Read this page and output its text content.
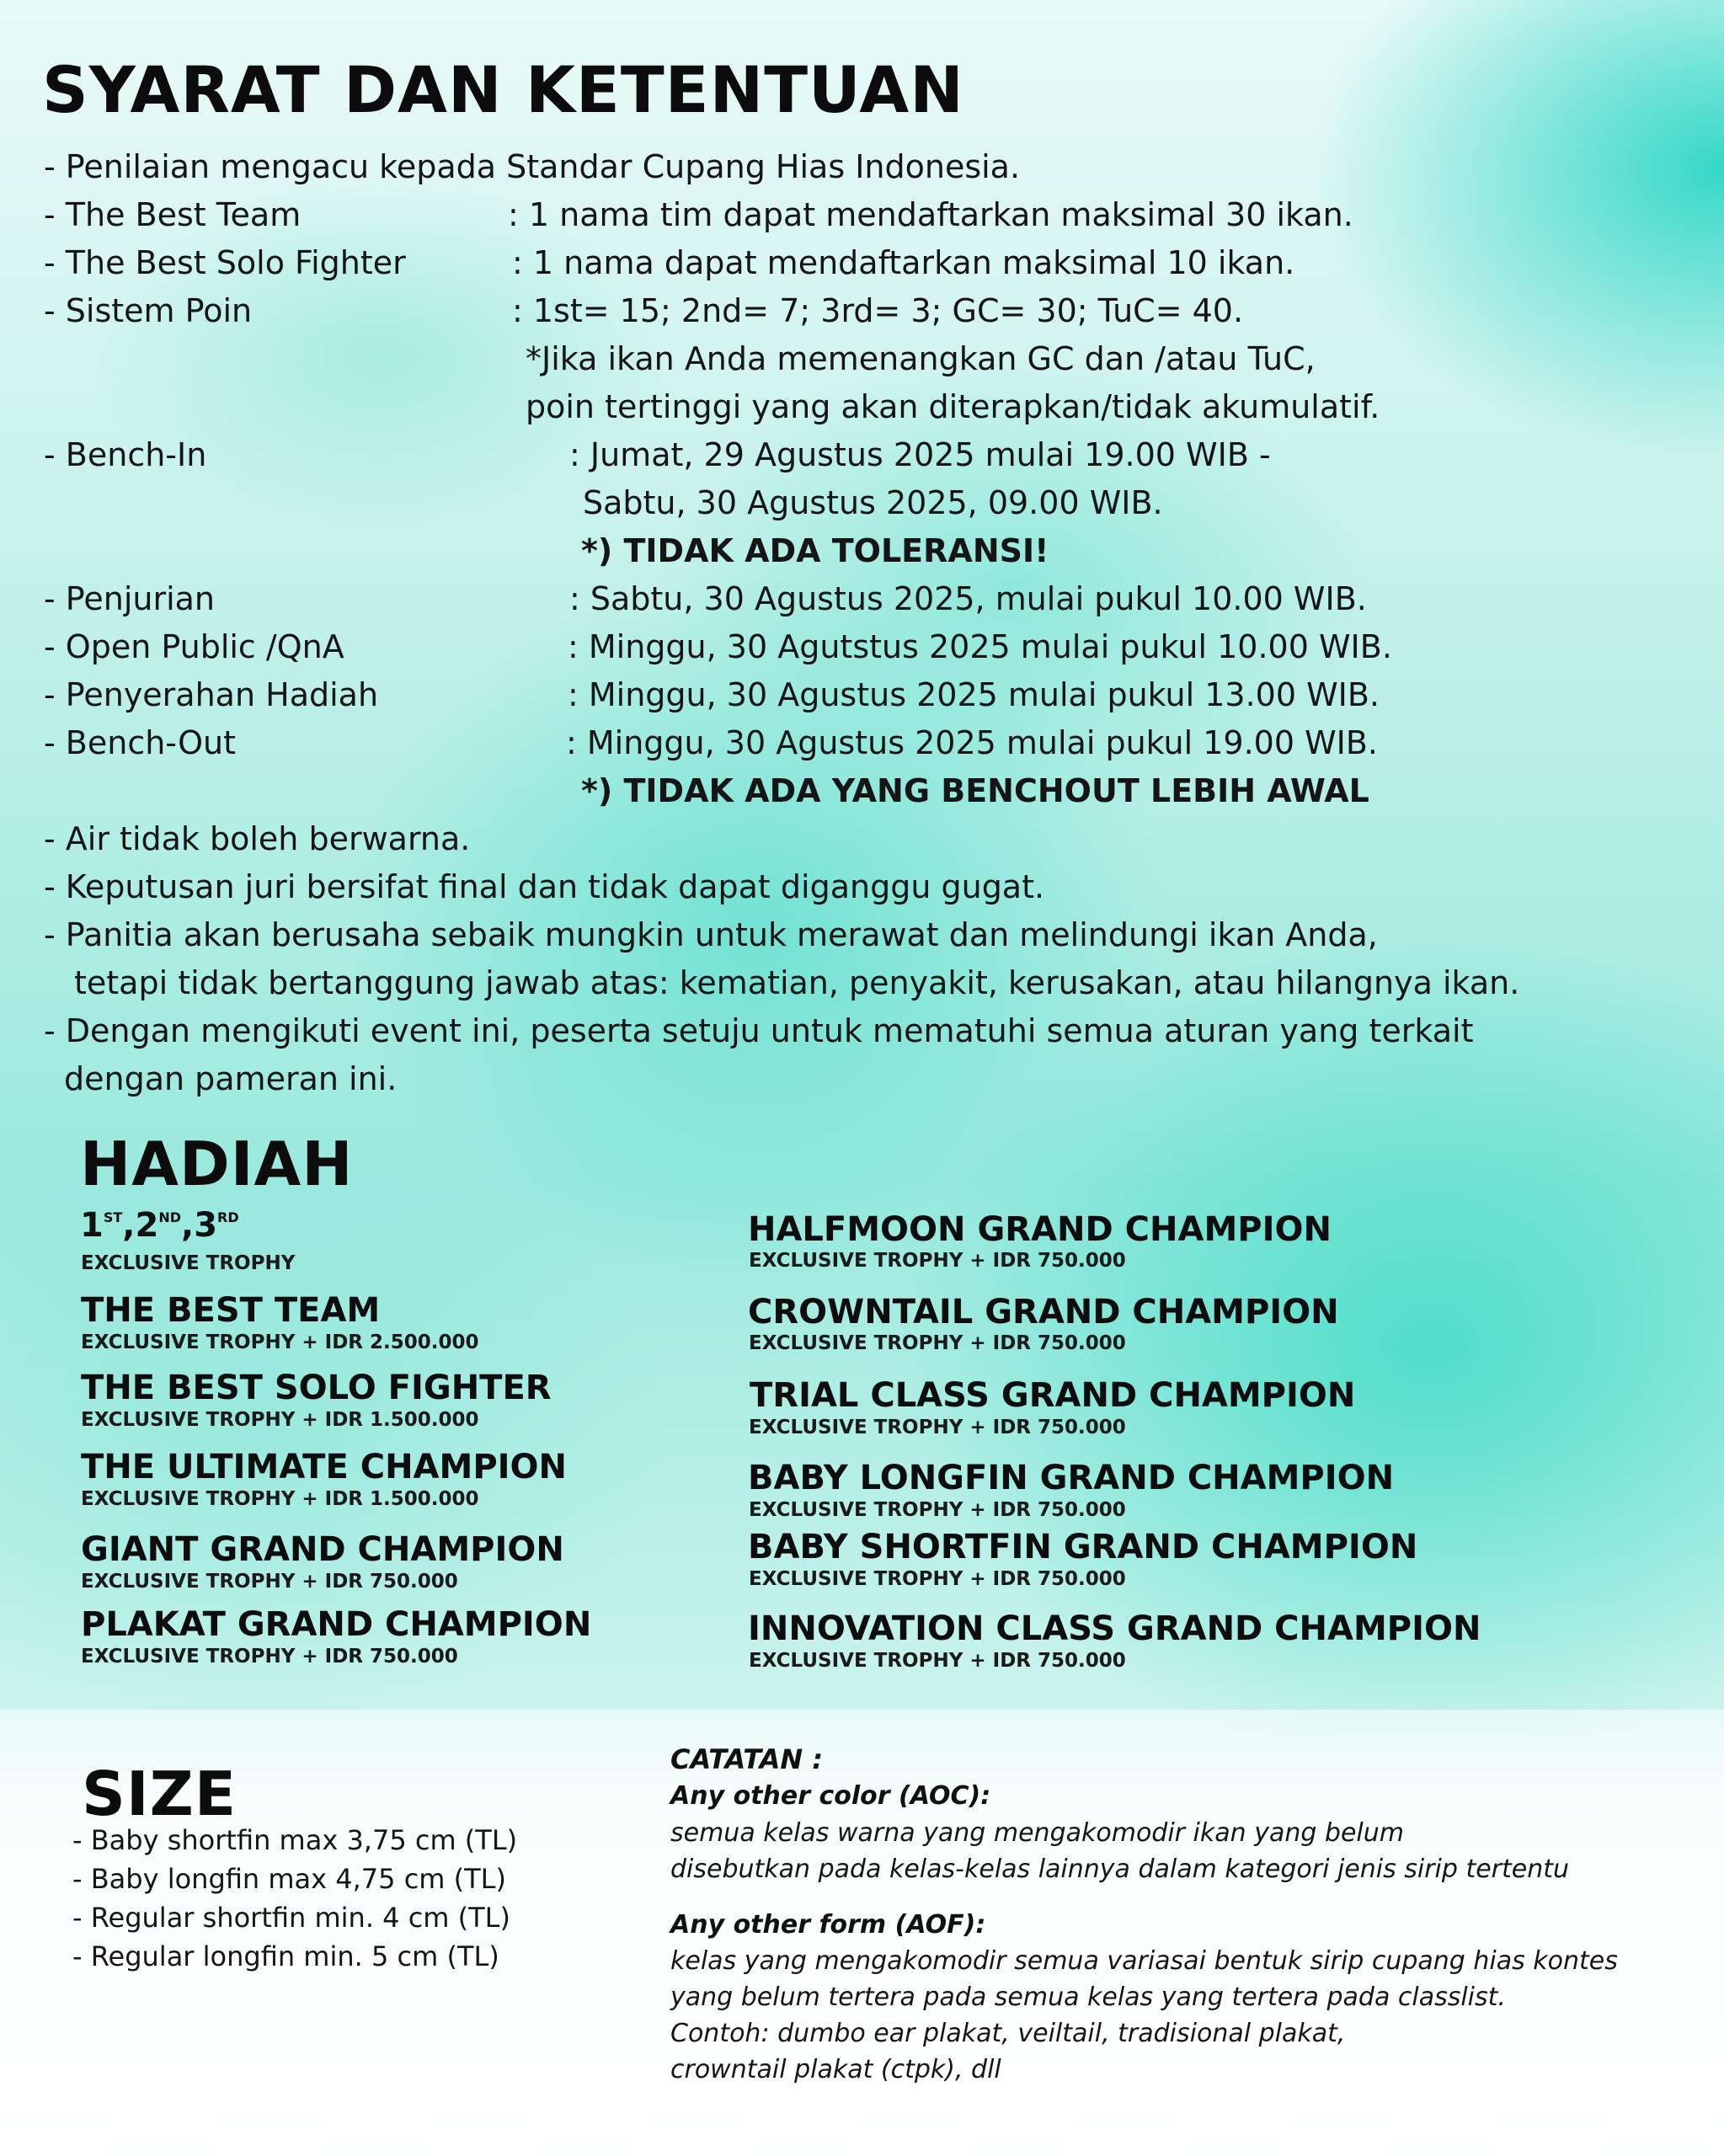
SYARAT DAN KETENTUAN
- Penilaian mengacu kepada Standar Cupang Hias Indonesia.
- The Best Team	: 1 nama tim dapat mendaftarkan maksimal 30 ikan.
- The Best Solo Fighter	: 1 nama dapat mendaftarkan maksimal 10 ikan.
- Sistem Poin	: 1st= 15; 2nd= 7; 3rd= 3; GC= 30; TuC= 40.
*Jika ikan Anda memenangkan GC dan /atau TuC,
poin tertinggi yang akan diterapkan/tidak akumulatif.
- Bench-In	: Jumat, 29 Agustus 2025 mulai 19.00 WIB -
Sabtu, 30 Agustus 2025, 09.00 WIB.
*) TIDAK ADA TOLERANSI!
- Penjurian	: Sabtu, 30 Agustus 2025, mulai pukul 10.00 WIB.
- Open Public /QnA	: Minggu, 30 Agutstus 2025 mulai pukul 10.00 WIB.
- Penyerahan Hadiah	: Minggu, 30 Agustus 2025 mulai pukul 13.00 WIB.
- Bench-Out	: Minggu, 30 Agustus 2025 mulai pukul 19.00 WIB.
*) TIDAK ADA YANG BENCHOUT LEBIH AWAL
- Air tidak boleh berwarna.
- Keputusan juri bersifat final dan tidak dapat diganggu gugat.
- Panitia akan berusaha sebaik mungkin untuk merawat dan melindungi ikan Anda,
tetapi tidak bertanggung jawab atas: kematian, penyakit, kerusakan, atau hilangnya ikan.
- Dengan mengikuti event ini, peserta setuju untuk mematuhi semua aturan yang terkait
dengan pameran ini.
HADIAH
1ST,2ND,3RD
EXCLUSIVE TROPHY
THE BEST TEAM
EXCLUSIVE TROPHY + IDR 2.500.000
THE BEST SOLO FIGHTER
EXCLUSIVE TROPHY + IDR 1.500.000
THE ULTIMATE CHAMPION
EXCLUSIVE TROPHY + IDR 1.500.000
GIANT GRAND CHAMPION
EXCLUSIVE TROPHY + IDR 750.000
PLAKAT GRAND CHAMPION
EXCLUSIVE TROPHY + IDR 750.000
HALFMOON GRAND CHAMPION
EXCLUSIVE TROPHY + IDR 750.000
CROWNTAIL GRAND CHAMPION
EXCLUSIVE TROPHY + IDR 750.000
TRIAL CLASS GRAND CHAMPION
EXCLUSIVE TROPHY + IDR 750.000
BABY LONGFIN GRAND CHAMPION
EXCLUSIVE TROPHY + IDR 750.000
BABY SHORTFIN GRAND CHAMPION
EXCLUSIVE TROPHY + IDR 750.000
INNOVATION CLASS GRAND CHAMPION
EXCLUSIVE TROPHY + IDR 750.000
SIZE
- Baby shortfin max 3,75 cm (TL)
- Baby longfin max 4,75 cm (TL)
- Regular shortfin min. 4 cm (TL)
- Regular longfin min. 5 cm (TL)
CATATAN :
Any other color (AOC):
semua kelas warna yang mengakomodir ikan yang belum
disebutkan pada kelas-kelas lainnya dalam kategori jenis sirip tertentu
Any other form (AOF):
kelas yang mengakomodir semua variasai bentuk sirip cupang hias kontes
yang belum tertera pada semua kelas yang tertera pada classlist.
Contoh: dumbo ear plakat, veiltail, tradisional plakat,
crowntail plakat (ctpk), dll
